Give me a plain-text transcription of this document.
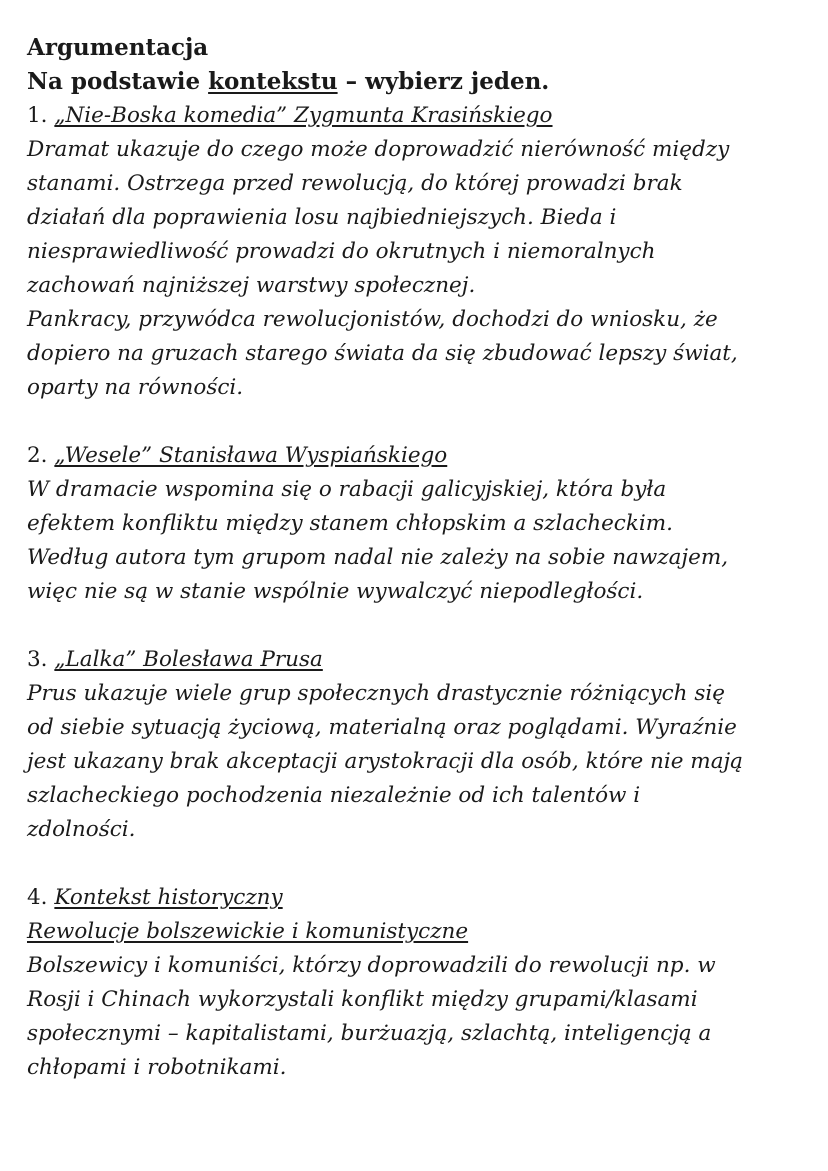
Argumentacja

Na podstawie kontekstu – wybierz jeden.

1. „Nie-Boska komedia” Zygmunta Krasińskiego

Dramat ukazuje do czego może doprowadzić nierówność między
stanami. Ostrzega przed rewolucją, do której prowadzi brak
działań dla poprawienia losu najbiedniejszych. Bieda i
niesprawiedliwość prowadzi do okrutnych i niemoralnych
zachowań najniższej warstwy społecznej.
Pankracy, przywódca rewolucjonistów, dochodzi do wniosku, że
dopiero na gruzach starego świata da się zbudować lepszy świat,
oparty na równości.

2. „Wesele” Stanisława Wyspiańskiego

W dramacie wspomina się o rabacji galicyjskiej, która była
efektem konfliktu między stanem chłopskim a szlacheckim.
Według autora tym grupom nadal nie zależy na sobie nawzajem,
więc nie są w stanie wspólnie wywalczyć niepodległości.

3. „Lalka” Bolesława Prusa

Prus ukazuje wiele grup społecznych drastycznie różniących się
od siebie sytuacją życiową, materialną oraz poglądami. Wyraźnie
jest ukazany brak akceptacji arystokracji dla osób, które nie mają
szlacheckiego pochodzenia niezależnie od ich talentów i
zdolności.

4. Kontekst historyczny

Rewolucje bolszewickie i komunistyczne

Bolszewicy i komuniści, którzy doprowadzili do rewolucji np. w
Rosji i Chinach wykorzystali konflikt między grupami/klasami
społecznymi – kapitalistami, burżuazją, szlachtą, inteligencją a
chłopami i robotnikami.
